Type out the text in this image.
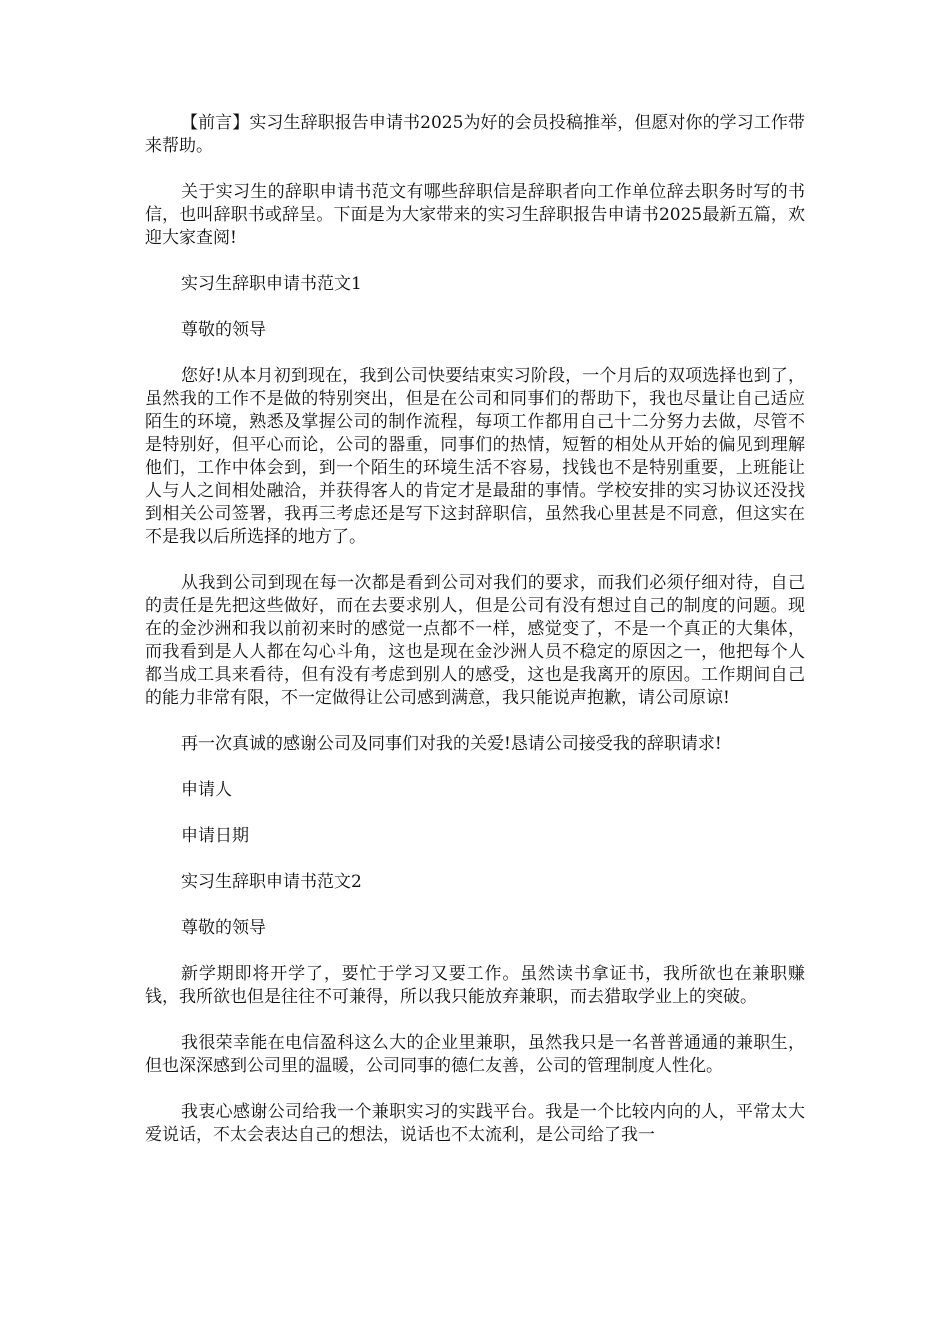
【前言】实习生辞职报告申请书2025为好的会员投稿推举，但愿对你的学习工作带来帮助。

关于实习生的辞职申请书范文有哪些辞职信是辞职者向工作单位辞去职务时写的书信，也叫辞职书或辞呈。下面是为大家带来的实习生辞职报告申请书2025最新五篇，欢迎大家查阅!

实习生辞职申请书范文1

尊敬的领导

您好!从本月初到现在，我到公司快要结束实习阶段，一个月后的双项选择也到了，虽然我的工作不是做的特别突出，但是在公司和同事们的帮助下，我也尽量让自己适应陌生的环境，熟悉及掌握公司的制作流程，每项工作都用自己十二分努力去做，尽管不是特别好，但平心而论，公司的器重，同事们的热情，短暂的相处从开始的偏见到理解他们，工作中体会到，到一个陌生的环境生活不容易，找钱也不是特别重要，上班能让人与人之间相处融洽，并获得客人的肯定才是最甜的事情。学校安排的实习协议还没找到相关公司签署，我再三考虑还是写下这封辞职信，虽然我心里甚是不同意，但这实在不是我以后所选择的地方了。

从我到公司到现在每一次都是看到公司对我们的要求，而我们必须仔细对待，自己的责任是先把这些做好，而在去要求别人，但是公司有没有想过自己的制度的问题。现在的金沙洲和我以前初来时的感觉一点都不一样，感觉变了，不是一个真正的大集体，而我看到是人人都在勾心斗角，这也是现在金沙洲人员不稳定的原因之一，他把每个人都当成工具来看待，但有没有考虑到别人的感受，这也是我离开的原因。工作期间自己的能力非常有限，不一定做得让公司感到满意，我只能说声抱歉，请公司原谅!

再一次真诚的感谢公司及同事们对我的关爱!恳请公司接受我的辞职请求!

申请人

申请日期

实习生辞职申请书范文2

尊敬的领导

新学期即将开学了，要忙于学习又要工作。虽然读书拿证书，我所欲也在兼职赚钱，我所欲也但是往往不可兼得，所以我只能放弃兼职，而去猎取学业上的突破。

我很荣幸能在电信盈科这么大的企业里兼职，虽然我只是一名普普通通的兼职生，但也深深感到公司里的温暖，公司同事的德仁友善，公司的管理制度人性化。

我衷心感谢公司给我一个兼职实习的实践平台。我是一个比较内向的人，平常太大爱说话，不太会表达自己的想法，说话也不太流利，是公司给了我一
